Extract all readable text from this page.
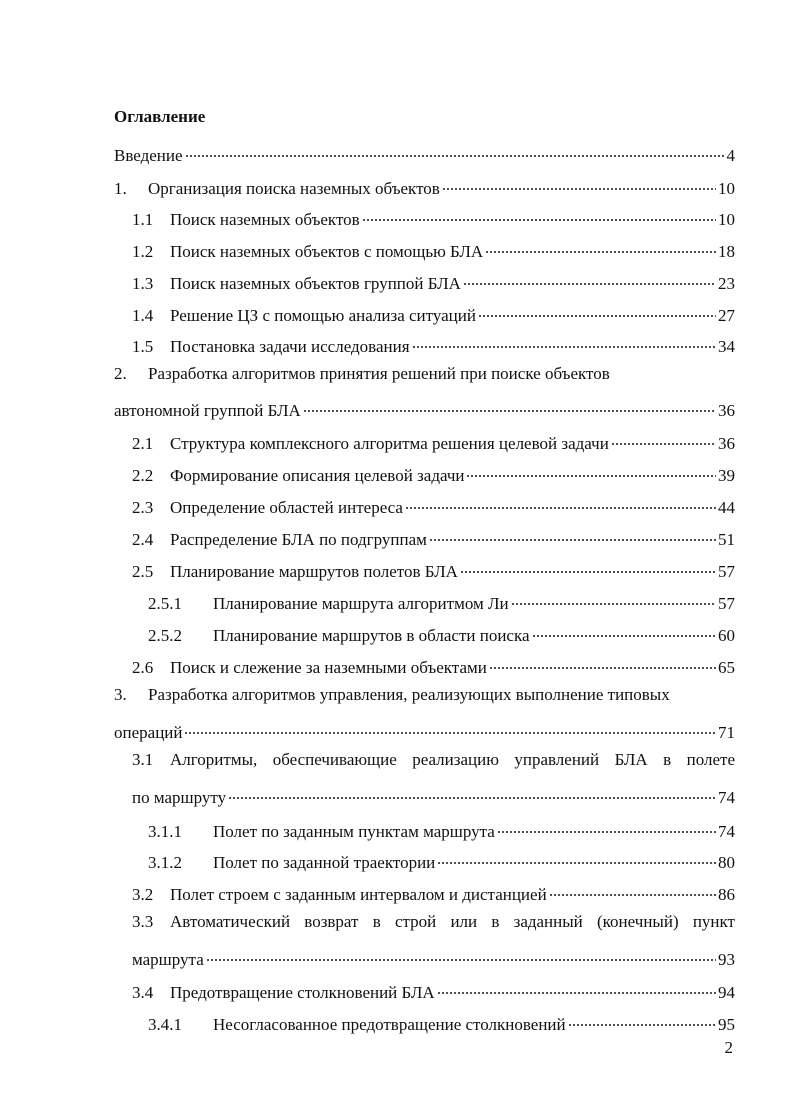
Оглавление
Введение	4
1.	Организация поиска наземных объектов	10
1.1 Поиск наземных объектов	10
1.2 Поиск наземных объектов с помощью БЛА	18
1.3 Поиск наземных объектов группой БЛА	23
1.4 Решение ЦЗ с помощью анализа ситуаций	27
1.5 Постановка задачи исследования	34
2.	Разработка алгоритмов принятия решений при поиске объектов
автономной группой БЛА	36
2.1 Структура комплексного алгоритма решения целевой задачи	36
2.2 Формирование описания целевой задачи	39
2.3 Определение областей интереса	44
2.4 Распределение БЛА по подгруппам	51
2.5 Планирование маршрутов полетов БЛА	57
2.5.1	Планирование маршрута алгоритмом Ли	57
2.5.2	Планирование маршрутов в области поиска	60
2.6 Поиск и слежение за наземными объектами	65
3.	Разработка алгоритмов управления, реализующих выполнение типовых
операций	71
3.1 Алгоритмы, обеспечивающие реализацию управлений БЛА в полете
по маршруту	74
3.1.1	Полет по заданным пунктам маршрута	74
3.1.2	Полет по заданной траектории	80
3.2 Полет строем с заданным интервалом и дистанцией	86
3.3 Автоматический возврат в строй или в заданный (конечный) пункт
маршрута	93
3.4 Предотвращение столкновений БЛА	94
3.4.1	Несогласованное предотвращение столкновений	95
2
